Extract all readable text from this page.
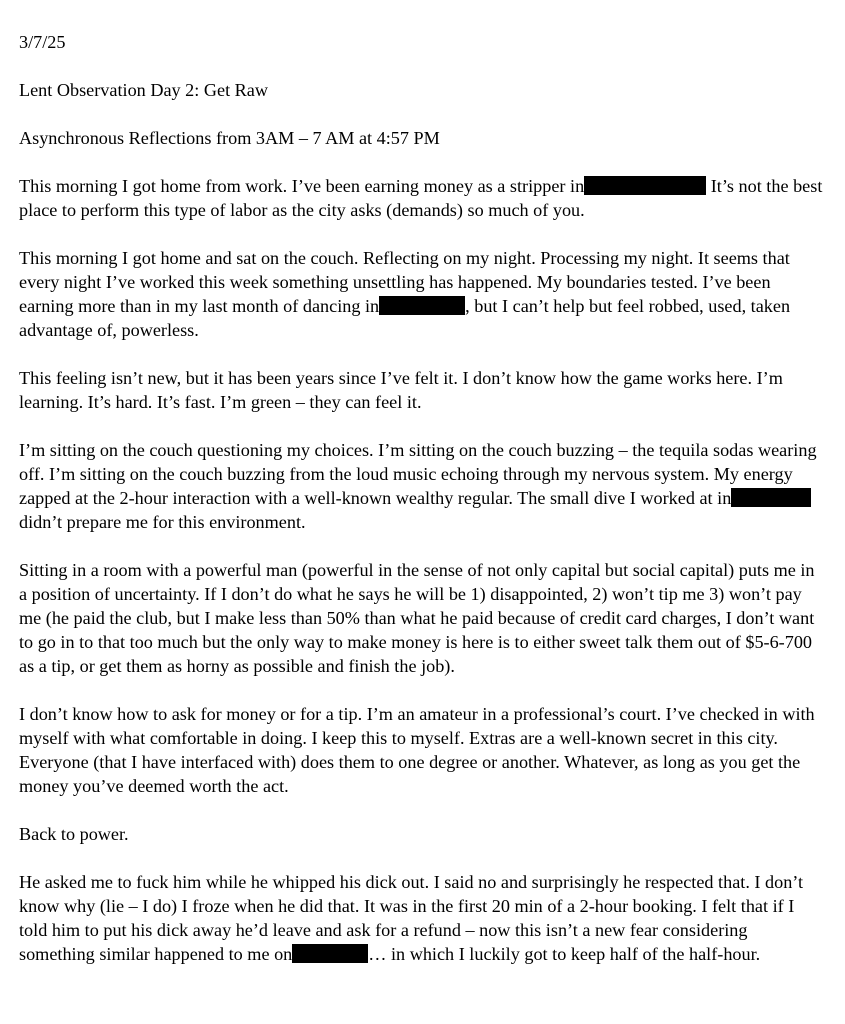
3/7/25

Lent Observation Day 2: Get Raw

Asynchronous Reflections from 3AM – 7 AM at 4:57 PM

This morning I got home from work. I’ve been earning money as a stripper in	It’s not the best place to perform this type of labor as the city asks (demands) so much of you.

This morning I got home and sat on the couch. Reflecting on my night. Processing my night. It seems that every night I’ve worked this week something unsettling has happened. My boundaries tested. I’ve been earning more than in my last month of dancing in	, but I can’t help but feel robbed, used, taken advantage of, powerless.

This feeling isn’t new, but it has been years since I’ve felt it. I don’t know how the game works here. I’m learning. It’s hard. It’s fast. I’m green – they can feel it.

I’m sitting on the couch questioning my choices. I’m sitting on the couch buzzing – the tequila sodas wearing off. I’m sitting on the couch buzzing from the loud music echoing through my nervous system. My energy zapped at the 2-hour interaction with a well-known wealthy regular. The small dive I worked at in didn’t prepare me for this environment.

Sitting in a room with a powerful man (powerful in the sense of not only capital but social capital) puts me in a position of uncertainty. If I don’t do what he says he will be 1) disappointed, 2) won’t tip me 3) won’t pay me (he paid the club, but I make less than 50% than what he paid because of credit card charges, I don’t want to go in to that too much but the only way to make money is here is to either sweet talk them out of $5-6-700 as a tip, or get them as horny as possible and finish the job).

I don’t know how to ask for money or for a tip. I’m an amateur in a professional’s court. I’ve checked in with myself with what comfortable in doing. I keep this to myself. Extras are a well-known secret in this city. Everyone (that I have interfaced with) does them to one degree or another. Whatever, as long as you get the money you’ve deemed worth the act.

Back to power.

He asked me to fuck him while he whipped his dick out. I said no and surprisingly he respected that. I don’t know why (lie – I do) I froze when he did that. It was in the first 20 min of a 2-hour booking. I felt that if I told him to put his dick away he’d leave and ask for a refund – now this isn’t a new fear considering something similar happened to me on	… in which I luckily got to keep half of the half-hour.
